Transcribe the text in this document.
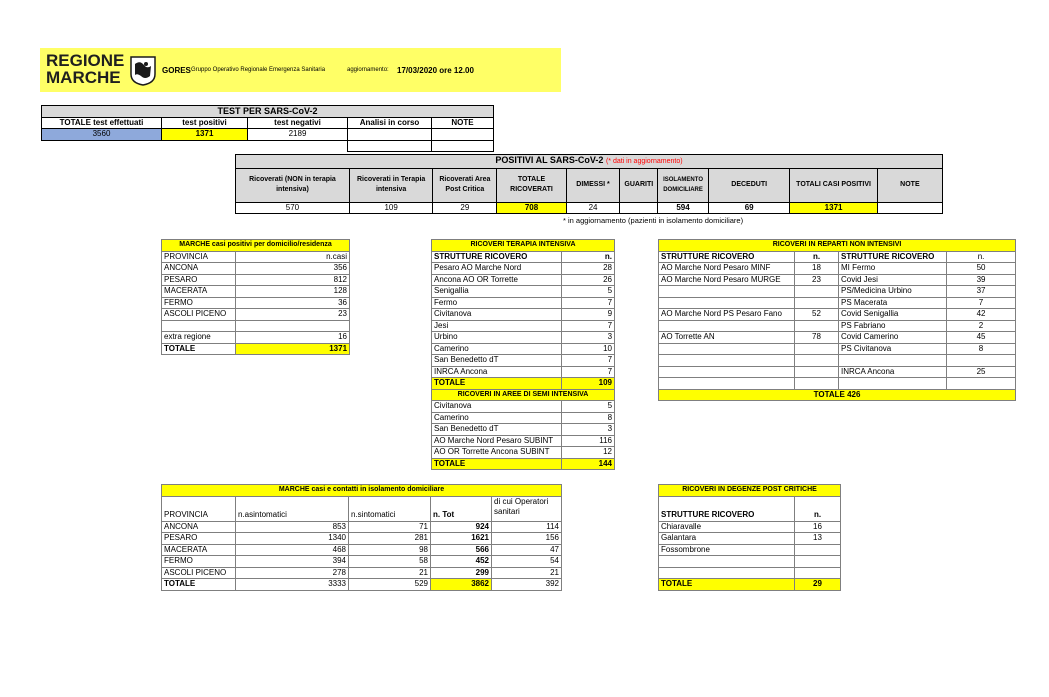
REGIONE
MARCHE	GORES Gruppo Operativo Regionale Emergenza Sanitaria	aggiornamento: 17/03/2020 ore 12.00
TEST PER SARS-CoV-2				
TOTALE test effettuati	test positivi	test negativi	Analisi in corso	NOTE
3560	1371	2189		

POSITIVI AL SARS-CoV-2 (* dati in aggiornamento)									
Ricoverati (NON in terapia intensiva)	Ricoverati in Terapia intensiva	Ricoverati Area Post Critica	TOTALE RICOVERATI	DIMESSI *	GUARITI	ISOLAMENTO DOMICILIARE	DECEDUTI	TOTALI CASI POSITIVI	NOTE
570	109	29	708	24		594	69	1371	
* in aggiornamento (pazienti in isolamento domiciliare)
MARCHE casi positivi per domicilio/residenza	
PROVINCIA	n.casi
ANCONA	356
PESARO	812
MACERATA	128
FERMO	36
ASCOLI PICENO	23

extra regione	16
TOTALE	1371
RICOVERI TERAPIA INTENSIVA	
STRUTTURE RICOVERO	n.
Pesaro AO Marche Nord	28
Ancona AO OR Torrette	26
Senigallia	5
Fermo	7
Civitanova	9
Jesi	7
Urbino	3
Camerino	10
San Benedetto dT	7
INRCA Ancona	7
TOTALE	109
RICOVERI IN AREE DI SEMI INTENSIVA	
Civitanova	5
Camerino	8
San Benedetto dT	3
AO Marche Nord Pesaro SUBINT	116
AO OR Torrette Ancona SUBINT	12
TOTALE	144
RICOVERI IN REPARTI NON INTENSIVI			
STRUTTURE RICOVERO	n.	STRUTTURE RICOVERO	n.
AO Marche Nord Pesaro MINF	18	MI Fermo	50
AO Marche Nord Pesaro MURGE	23	Covid Jesi	39
		PS/Medicina Urbino	37
		PS Macerata	7
AO Marche Nord PS Pesaro Fano	52	Covid Senigallia	42
		PS Fabriano	2
AO Torrette AN	78	Covid Camerino	45
		PS Civitanova	8

		INRCA Ancona	25

TOTALE 426			
MARCHE casi e contatti in isolamento domiciliare				
PROVINCIA	n.asintomatici	n.sintomatici	n. Tot	di cui Operatori sanitari
ANCONA	853	71	924	114
PESARO	1340	281	1621	156
MACERATA	468	98	566	47
FERMO	394	58	452	54
ASCOLI PICENO	278	21	299	21
TOTALE	3333	529	3862	392
RICOVERI IN DEGENZE POST CRITICHE	
STRUTTURE RICOVERO	n.
Chiaravalle	16
Galantara	13
Fossombrone	

TOTALE	29
